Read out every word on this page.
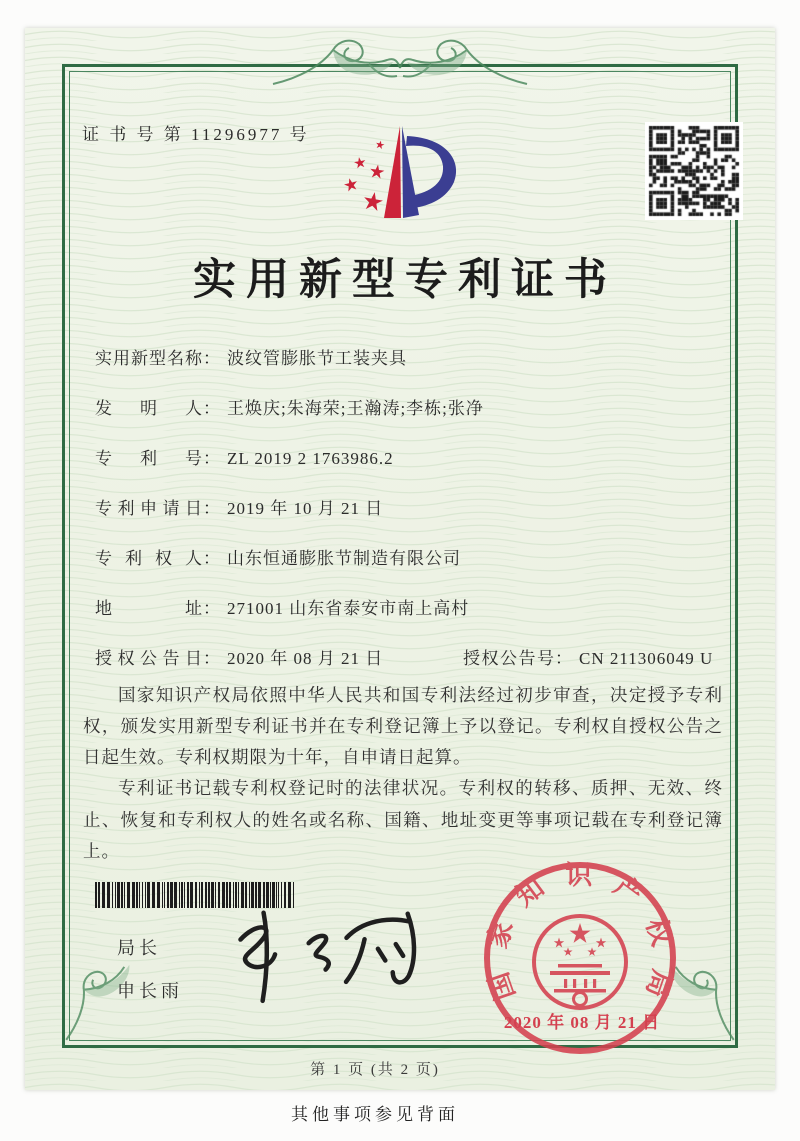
证 书 号 第 11296977 号
实用新型专利证书
实用新型名称： 波纹管膨胀节工装夹具
发明人： 王焕庆;朱海荣;王瀚涛;李栋;张净
专利号： ZL 2019 2 1763986.2
专利申请日： 2019 年 10 月 21 日
专利权人： 山东恒通膨胀节制造有限公司
地址： 271001 山东省泰安市南上高村
授权公告日： 2020 年 08 月 21 日	授权公告号： CN 211306049 U

国家知识产权局依照中华人民共和国专利法经过初步审查，决定授予专利权，颁发实用新型专利证书并在专利登记簿上予以登记。专利权自授权公告之日起生效。专利权期限为十年，自申请日起算。

专利证书记载专利权登记时的法律状况。专利权的转移、质押、无效、终止、恢复和专利权人的姓名或名称、国籍、地址变更等事项记载在专利登记簿上。

局长
申长雨	国家知识产权局
2020 年 08 月 21 日
第 1 页 (共 2 页)
其他事项参见背面
